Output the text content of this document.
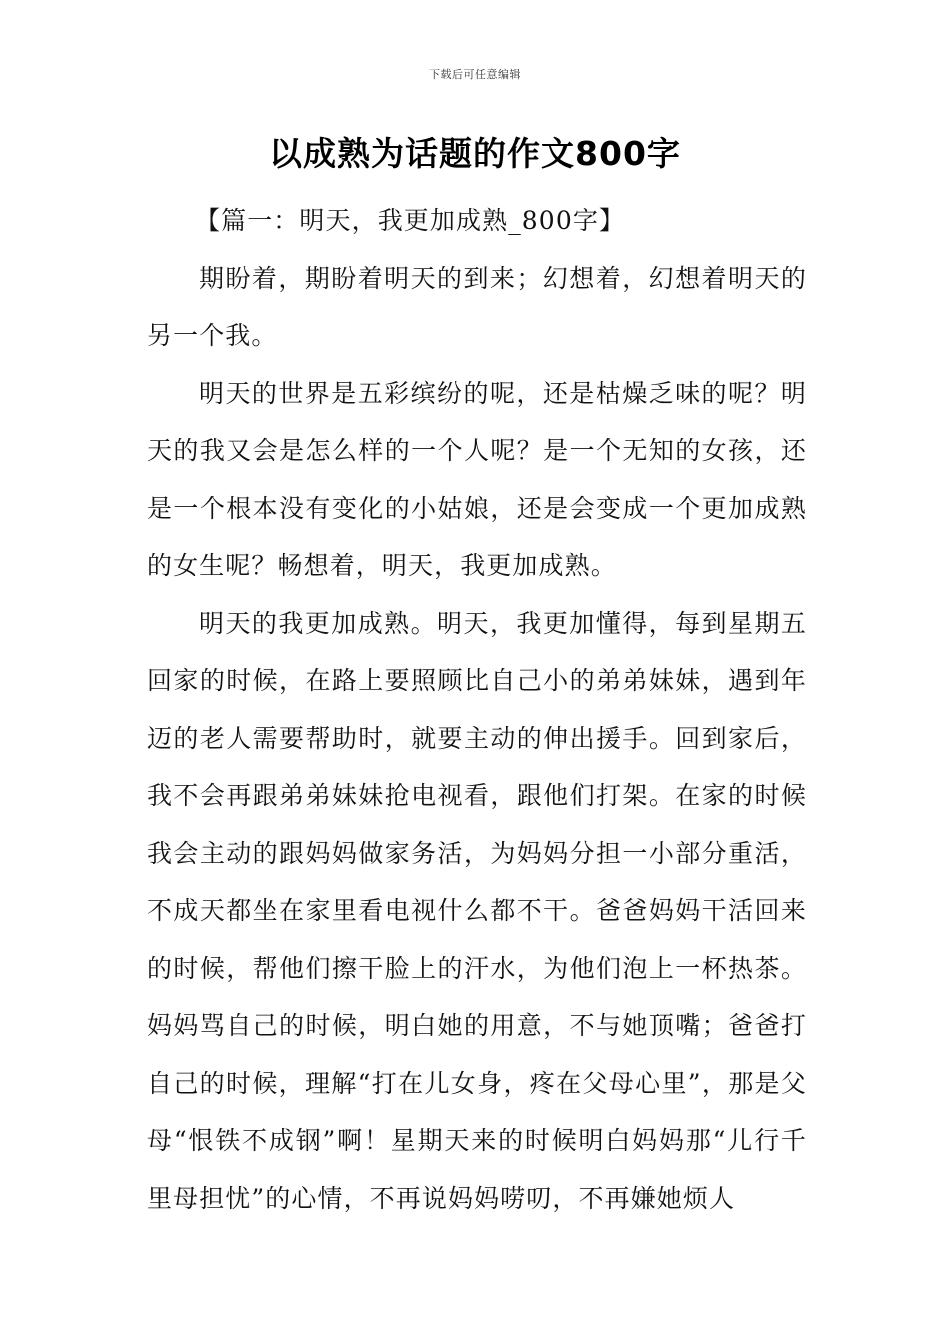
下载后可任意编辑
以成熟为话题的作文800字

【篇一：明天，我更加成熟_800字】

期盼着，期盼着明天的到来；幻想着，幻想着明天的另一个我。

明天的世界是五彩缤纷的呢，还是枯燥乏味的呢？明天的我又会是怎么样的一个人呢？是一个无知的女孩，还是一个根本没有变化的小姑娘，还是会变成一个更加成熟的女生呢？畅想着，明天，我更加成熟。

明天的我更加成熟。明天，我更加懂得，每到星期五回家的时候，在路上要照顾比自己小的弟弟妹妹，遇到年迈的老人需要帮助时，就要主动的伸出援手。回到家后，我不会再跟弟弟妹妹抢电视看，跟他们打架。在家的时候我会主动的跟妈妈做家务活，为妈妈分担一小部分重活，不成天都坐在家里看电视什么都不干。爸爸妈妈干活回来的时候，帮他们擦干脸上的汗水，为他们泡上一杯热茶。妈妈骂自己的时候，明白她的用意，不与她顶嘴；爸爸打自己的时候，理解“打在儿女身，疼在父母心里”，那是父母“恨铁不成钢”啊！星期天来的时候明白妈妈那“儿行千里母担忧”的心情，不再说妈妈唠叨，不再嫌她烦人
